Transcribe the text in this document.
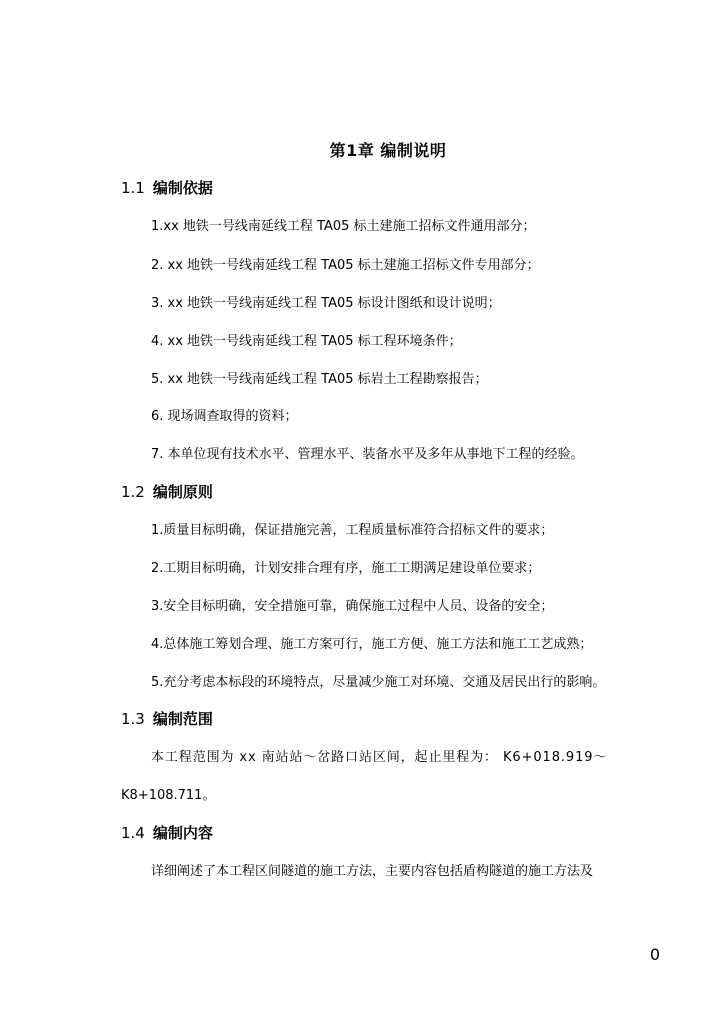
第1章 编制说明
1.1 编制依据
1.xx 地铁一号线南延线工程 TA05 标土建施工招标文件通用部分；
2. xx 地铁一号线南延线工程 TA05 标土建施工招标文件专用部分；
3. xx 地铁一号线南延线工程 TA05 标设计图纸和设计说明；
4. xx 地铁一号线南延线工程 TA05 标工程环境条件；
5. xx 地铁一号线南延线工程 TA05 标岩土工程勘察报告；
6. 现场调查取得的资料；
7. 本单位现有技术水平、管理水平、装备水平及多年从事地下工程的经验。
1.2 编制原则
1.质量目标明确，保证措施完善，工程质量标准符合招标文件的要求；
2.工期目标明确，计划安排合理有序，施工工期满足建设单位要求；
3.安全目标明确，安全措施可靠，确保施工过程中人员、设备的安全；
4.总体施工筹划合理、施工方案可行，施工方便、施工方法和施工工艺成熟；
5.充分考虑本标段的环境特点，尽量减少施工对环境、交通及居民出行的影响。
1.3 编制范围
本工程范围为 xx 南站站～岔路口站区间，起止里程为： K6+018.919～
K8+108.711。
1.4 编制内容
详细阐述了本工程区间隧道的施工方法，主要内容包括盾构隧道的施工方法及
0
